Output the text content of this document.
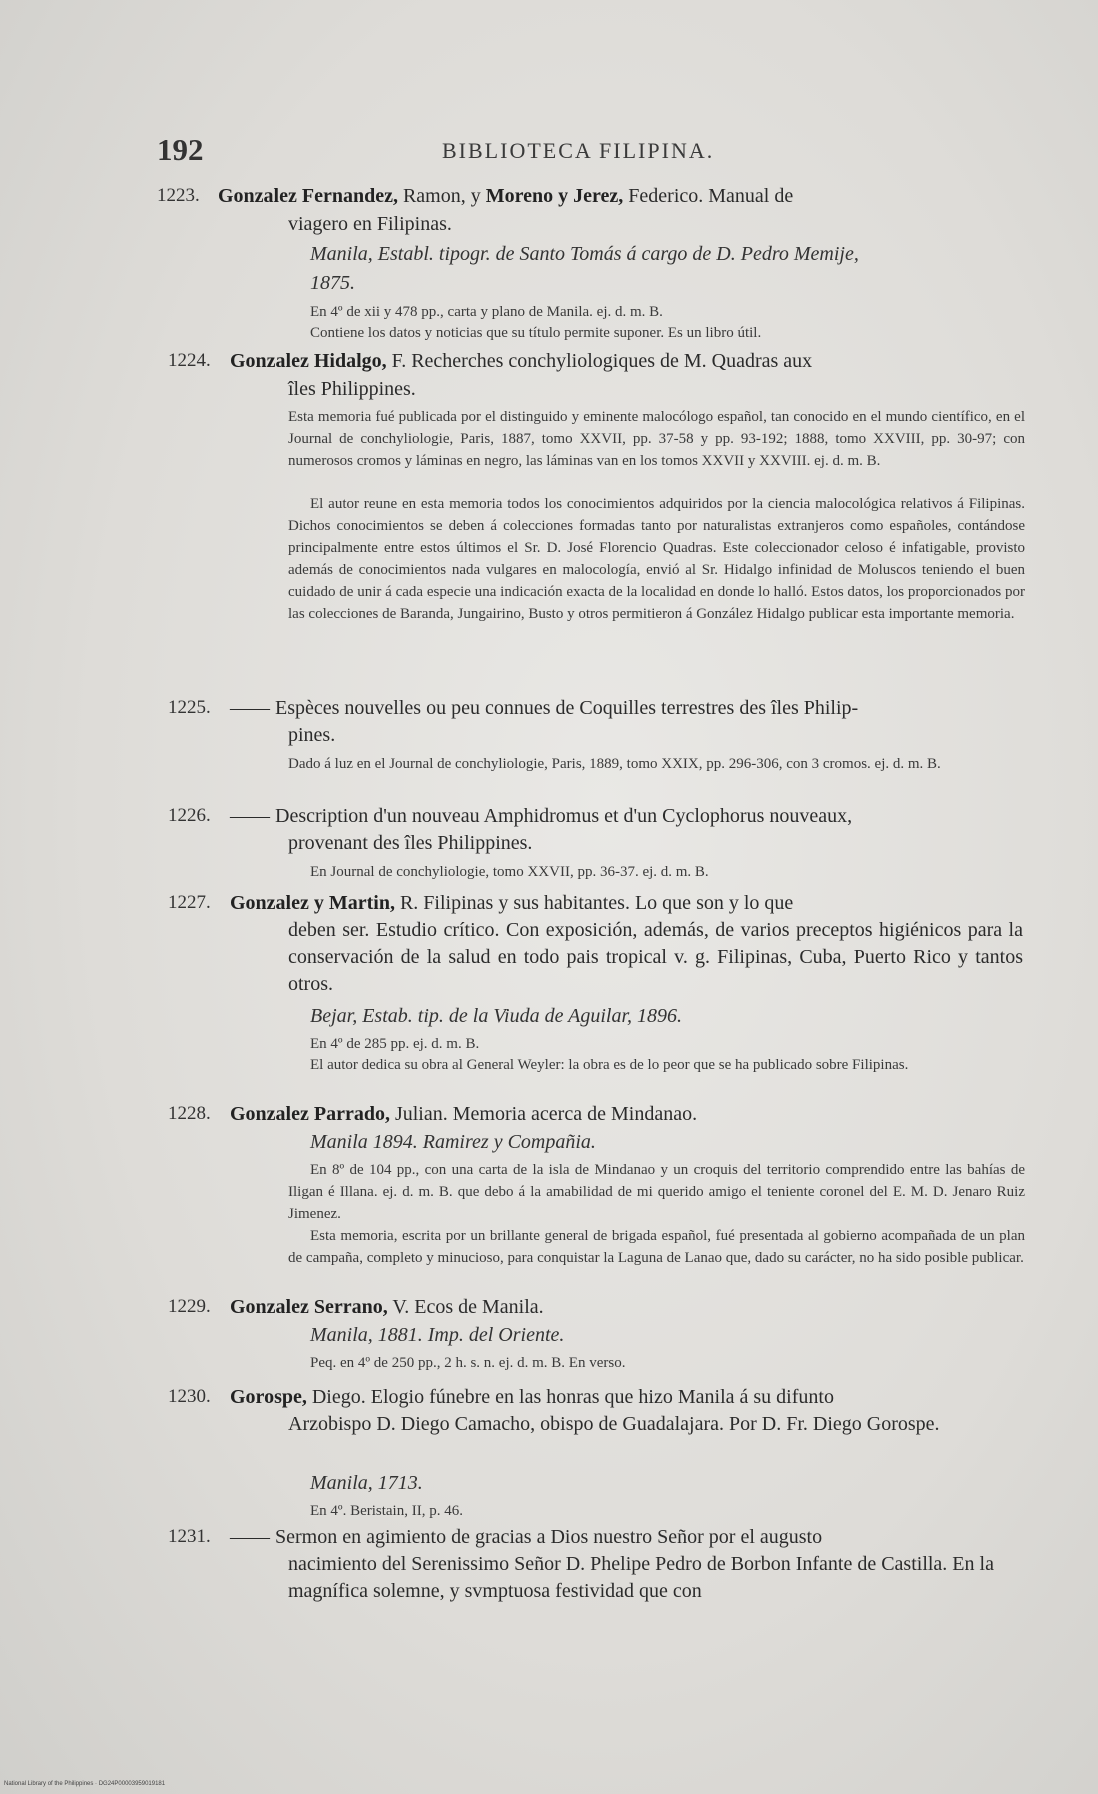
192	BIBLIOTECA FILIPINA.
1223. Gonzalez Fernandez, Ramon, y Moreno y Jerez, Federico. Manual de
viagero en Filipinas.
Manila, Establ. tipogr. de Santo Tomás á cargo de D. Pedro Memije,
1875.
En 4º de xii y 478 pp., carta y plano de Manila. ej. d. m. B.
Contiene los datos y noticias que su título permite suponer. Es un libro útil.
1224. Gonzalez Hidalgo, F. Recherches conchyliologiques de M. Quadras aux
îles Philippines.
Esta memoria fué publicada por el distinguido y eminente malocólogo español, tan conocido en el mundo científico, en el Journal de conchyliologie, Paris, 1887, tomo XXVII, pp. 37-58 y pp. 93-192; 1888, tomo XXVIII, pp. 30-97; con numerosos cromos y láminas en negro, las láminas van en los tomos XXVII y XXVIII. ej. d. m. B.
El autor reune en esta memoria todos los conocimientos adquiridos por la ciencia malocológica relativos á Filipinas. Dichos conocimientos se deben á colecciones formadas tanto por naturalistas extranjeros como españoles, contándose principalmente entre estos últimos el Sr. D. José Florencio Quadras. Este coleccionador celoso é infatigable, provisto además de conocimientos nada vulgares en malocología, envió al Sr. Hidalgo infinidad de Moluscos teniendo el buen cuidado de unir á cada especie una indicación exacta de la localidad en donde lo halló. Estos datos, los proporcionados por las colecciones de Baranda, Jungairino, Busto y otros permitieron á González Hidalgo publicar esta importante memoria.
1225. —— Espèces nouvelles ou peu connues de Coquilles terrestres des îles Philip-
pines.
Dado á luz en el Journal de conchyliologie, Paris, 1889, tomo XXIX, pp. 296-306, con 3 cromos. ej. d. m. B.
1226. —— Description d'un nouveau Amphidromus et d'un Cyclophorus nouveaux,
provenant des îles Philippines.
En Journal de conchyliologie, tomo XXVII, pp. 36-37. ej. d. m. B.
1227. Gonzalez y Martin, R. Filipinas y sus habitantes. Lo que son y lo que
deben ser. Estudio crítico. Con exposición, además, de varios preceptos higiénicos para la conservación de la salud en todo pais tropical v. g. Filipinas, Cuba, Puerto Rico y tantos otros.
Bejar, Estab. tip. de la Viuda de Aguilar, 1896.
En 4º de 285 pp. ej. d. m. B.
El autor dedica su obra al General Weyler: la obra es de lo peor que se ha publicado sobre Filipinas.
1228. Gonzalez Parrado, Julian. Memoria acerca de Mindanao.
Manila 1894. Ramirez y Compañia.
En 8º de 104 pp., con una carta de la isla de Mindanao y un croquis del territorio comprendido entre las bahías de Iligan é Illana. ej. d. m. B. que debo á la amabilidad de mi querido amigo el teniente coronel del E. M. D. Jenaro Ruiz Jimenez.
Esta memoria, escrita por un brillante general de brigada español, fué presentada al gobierno acompañada de un plan de campaña, completo y minucioso, para conquistar la Laguna de Lanao que, dado su carácter, no ha sido posible publicar.
1229. Gonzalez Serrano, V. Ecos de Manila.
Manila, 1881. Imp. del Oriente.
Peq. en 4º de 250 pp., 2 h. s. n. ej. d. m. B. En verso.
1230. Gorospe, Diego. Elogio fúnebre en las honras que hizo Manila á su difunto
Arzobispo D. Diego Camacho, obispo de Guadalajara. Por D. Fr. Diego Gorospe.
Manila, 1713.
En 4º. Beristain, II, p. 46.
1231. —— Sermon en agimiento de gracias a Dios nuestro Señor por el augusto
nacimiento del Serenissimo Señor D. Phelipe Pedro de Borbon Infante de Castilla. En la magnífica solemne, y svmptuosa festividad que con
National Library of the Philippines · DG24P00003959019181
